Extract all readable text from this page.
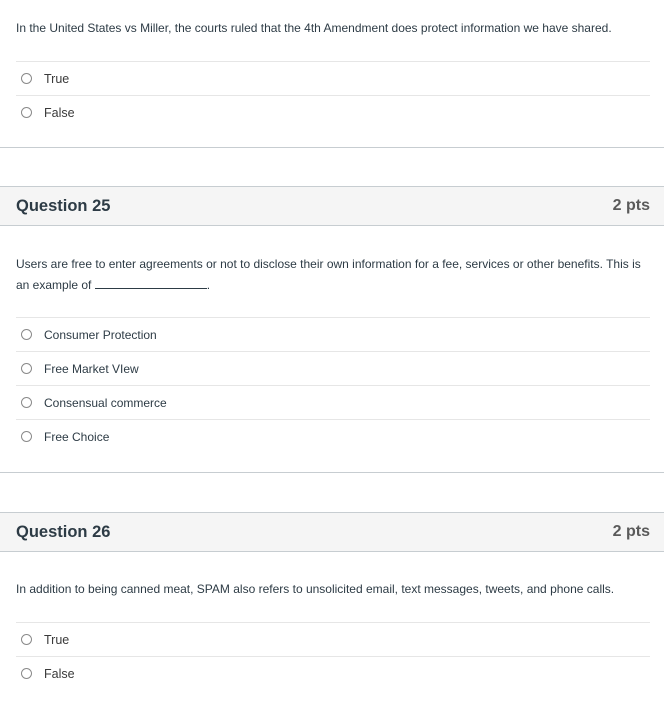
In the United States vs Miller, the courts ruled that the 4th Amendment does protect information we have shared.
True
False
Question 25	2 pts
Users are free to enter agreements or not to disclose their own information for a fee, services or other benefits. This is an example of	.
Consumer Protection
Free Market VIew
Consensual commerce
Free Choice
Question 26	2 pts
In addition to being canned meat, SPAM also refers to unsolicited email, text messages, tweets, and phone calls.
True
False
